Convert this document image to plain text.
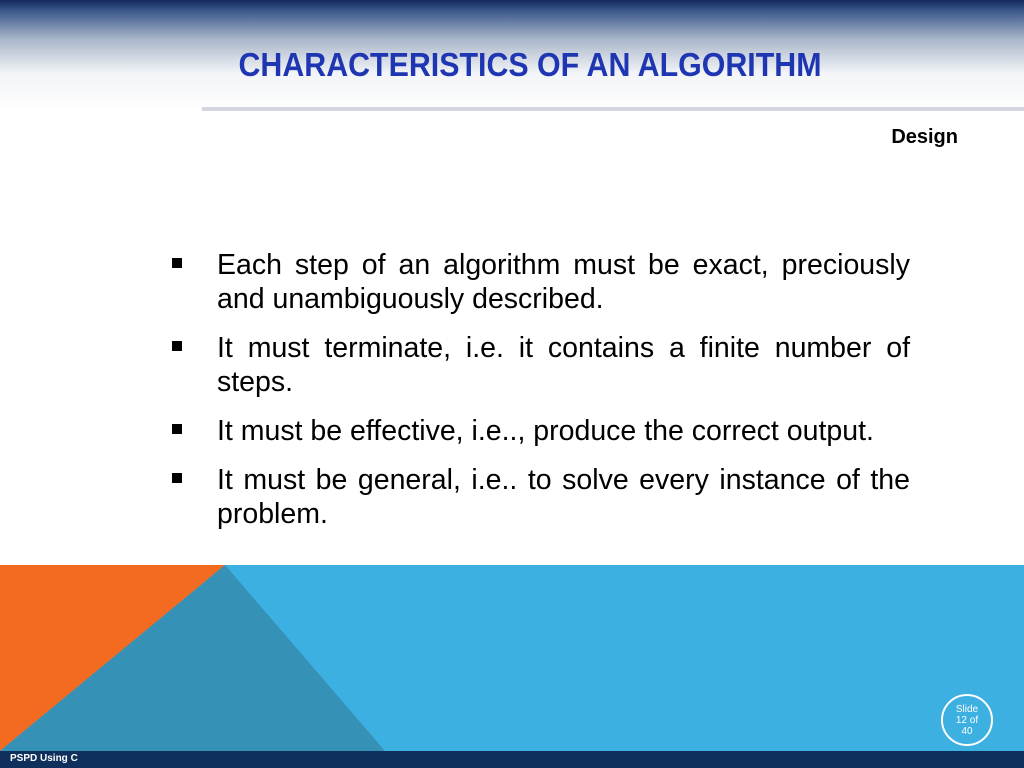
CHARACTERISTICS OF AN ALGORITHM
Design
Each step of an algorithm must be exact, preciously and unambiguously described.
It must terminate, i.e. it contains a finite number of steps.
It must be effective, i.e.., produce the correct output.
It must be general, i.e.. to solve every instance of the problem.
Slide
12 of
40
PSPD Using C
